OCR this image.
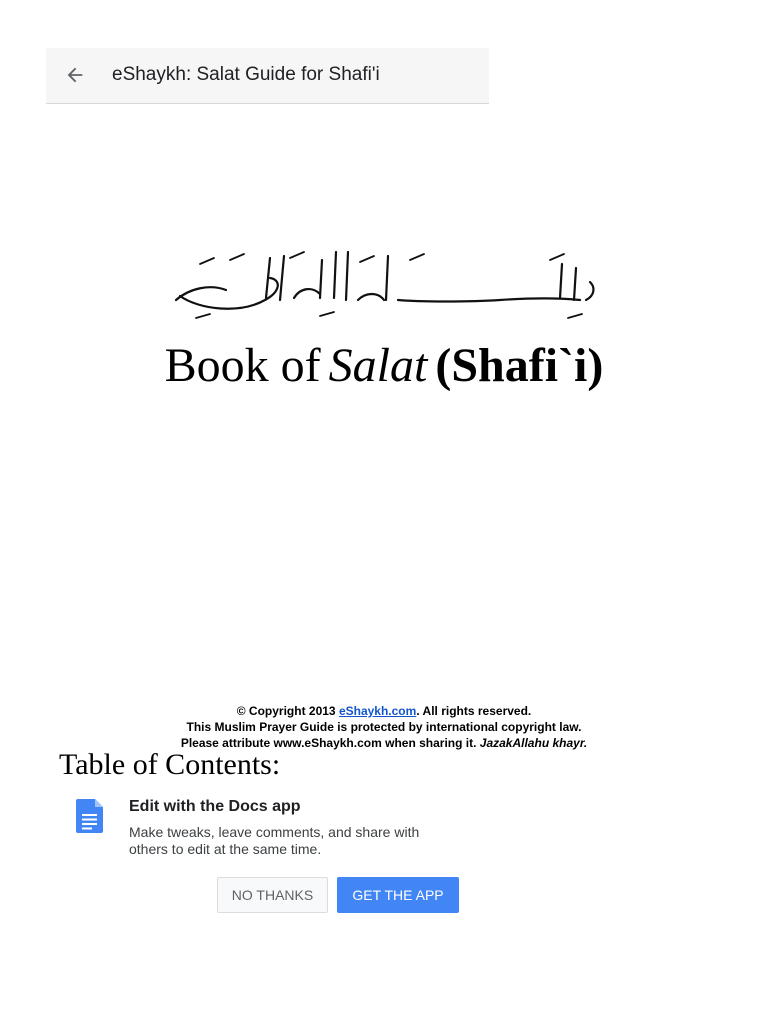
eShaykh: Salat Guide for Shafi'i
Book of Salat (Shafi`i)
© Copyright 2013 eShaykh.com. All rights reserved.
This Muslim Prayer Guide is protected by international copyright law.
Please attribute www.eShaykh.com when sharing it. JazakAllahu khayr.
Table of Contents:
Edit with the Docs app
Make tweaks, leave comments, and share with others to edit at the same time.
NO THANKS	GET THE APP
